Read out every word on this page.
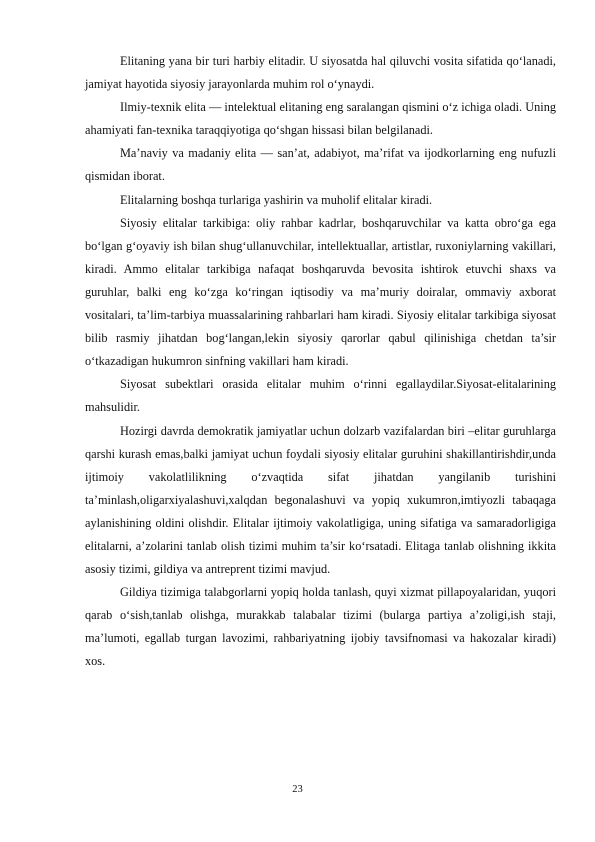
Elitaning yana bir turi harbiy elitadir. U siyosatda hal qiluvchi vosita sifatida qo‘lanadi, jamiyat hayotida siyosiy jarayonlarda muhim rol o‘ynaydi.

Ilmiy-texnik elita — intelektual elitaning eng saralangan qismini o‘z ichiga oladi. Uning ahamiyati fan-texnika taraqqiyotiga qo‘shgan hissasi bilan belgilanadi.

Ma’naviy va madaniy elita — san’at, adabiyot, ma’rifat va ijodkorlarning eng nufuzli qismidan iborat.

Elitalarning boshqa turlariga yashirin va muholif elitalar kiradi.

Siyosiy elitalar tarkibiga: oliy rahbar kadrlar, boshqaruvchilar va katta obro‘ga ega bo‘lgan g‘oyaviy ish bilan shug‘ullanuvchilar, intellektuallar, artistlar, ruxoniylarning vakillari, kiradi. Ammo elitalar tarkibiga nafaqat boshqaruvda bevosita ishtirok etuvchi shaxs va guruhlar, balki eng ko‘zga ko‘ringan iqtisodiy va ma’muriy doiralar, ommaviy axborat vositalari, ta’lim-tarbiya muassalarining rahbarlari ham kiradi. Siyosiy elitalar tarkibiga siyosat bilib rasmiy jihatdan bog‘langan,lekin siyosiy qarorlar qabul qilinishiga chetdan ta’sir o‘tkazadigan hukumron sinfning vakillari ham kiradi.

Siyosat subektlari orasida elitalar muhim o‘rinni egallaydilar.Siyosat-elitalarining mahsulidir.

Hozirgi davrda demokratik jamiyatlar uchun dolzarb vazifalardan biri –elitar guruhlarga qarshi kurash emas,balki jamiyat uchun foydali siyosiy elitalar guruhini shakillantirishdir,unda ijtimoiy vakolatlilikning o‘zvaqtida sifat jihatdan yangilanib turishini ta’minlash,oligarxiyalashuvi,xalqdan begonalashuvi va yopiq xukumron,imtiyozli tabaqaga aylanishining oldini olishdir. Elitalar ijtimoiy vakolatligiga, uning sifatiga va samaradorligiga elitalarni, a’zolarini tanlab olish tizimi muhim ta’sir ko‘rsatadi. Elitaga tanlab olishning ikkita asosiy tizimi, gildiya va antreprent tizimi mavjud.

Gildiya tizimiga talabgorlarni yopiq holda tanlash, quyi xizmat pillapoyalaridan, yuqori qarab o‘sish,tanlab olishga, murakkab talabalar tizimi (bularga partiya a’zoligi,ish staji, ma’lumoti, egallab turgan lavozimi, rahbariyatning ijobiy tavsifnomasi va hakozalar kiradi) xos.

23
